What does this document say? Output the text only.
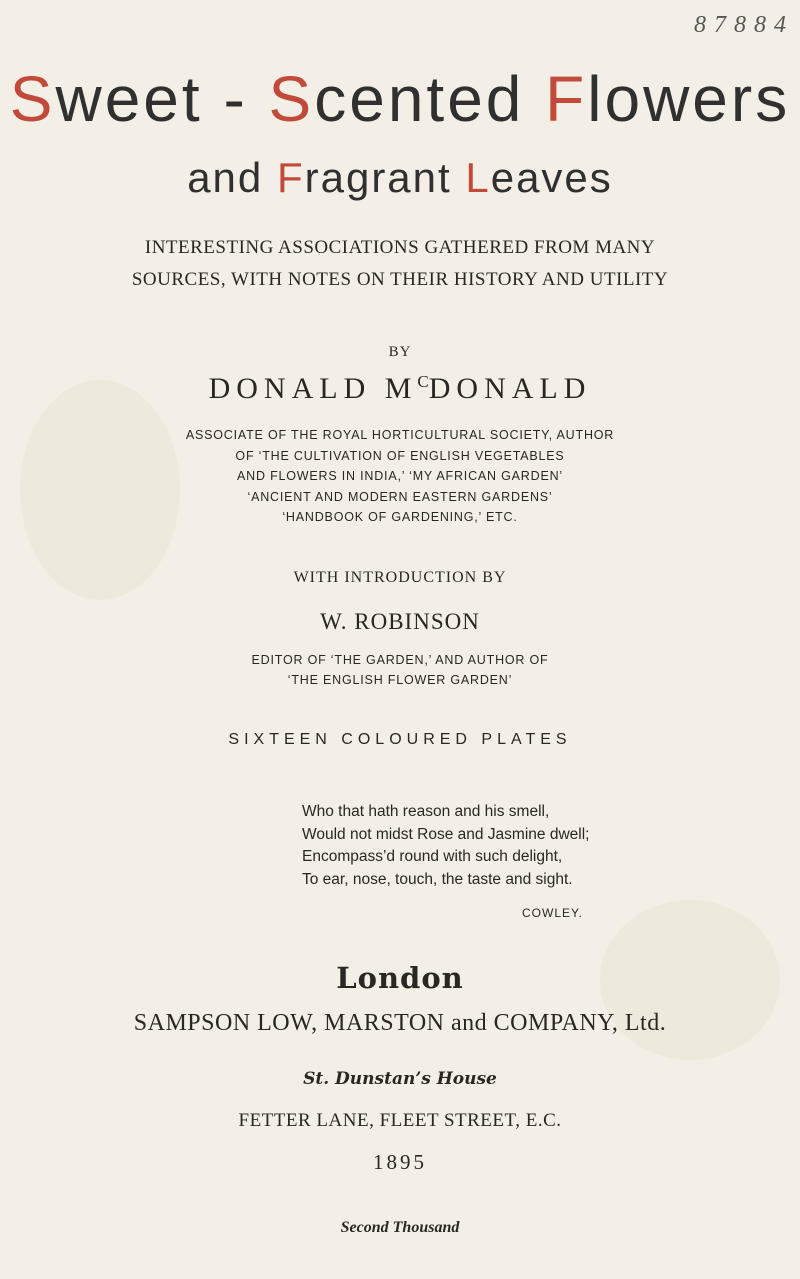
8 7 8 8 4
Sweet - Scented Flowers
and Fragrant Leaves
INTERESTING ASSOCIATIONS GATHERED FROM MANY
SOURCES, WITH NOTES ON THEIR HISTORY AND UTILITY
BY
DONALD $M^CDONALD$
ASSOCIATE OF THE ROYAL HORTICULTURAL SOCIETY, AUTHOR
OF ‘THE CULTIVATION OF ENGLISH VEGETABLES
AND FLOWERS IN INDIA,’ ‘MY AFRICAN GARDEN’
‘ANCIENT AND MODERN EASTERN GARDENS’
‘HANDBOOK OF GARDENING,’ ETC.
WITH INTRODUCTION BY
W. ROBINSON
EDITOR OF ‘THE GARDEN,’ AND AUTHOR OF
‘THE ENGLISH FLOWER GARDEN’
SIXTEEN COLOURED PLATES
Who that hath reason and his smell,
Would not midst Rose and Jasmine dwell;
Encompass’d round with such delight,
To ear, nose, touch, the taste and sight.
COWLEY.
London
SAMPSON LOW, MARSTON and COMPANY, Ltd.
St. Dunstan’s House
FETTER LANE, FLEET STREET, E.C.
1895
Second Thousand
